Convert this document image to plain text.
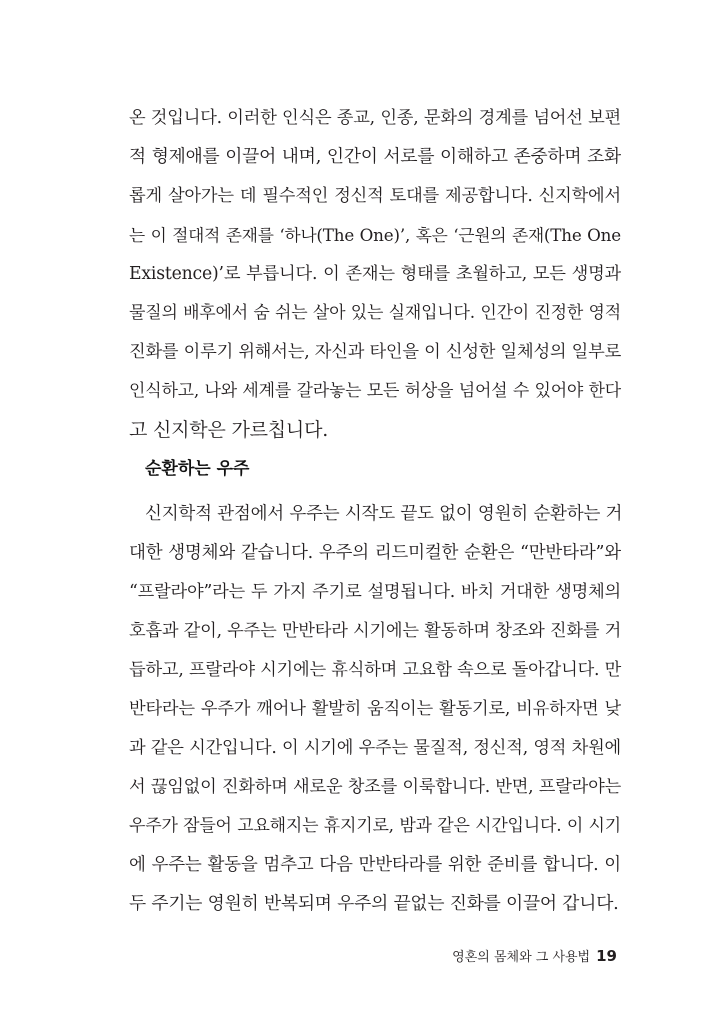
온 것입니다. 이러한 인식은 종교, 인종, 문화의 경계를 넘어선 보편
적 형제애를 이끌어 내며, 인간이 서로를 이해하고 존중하며 조화
롭게 살아가는 데 필수적인 정신적 토대를 제공합니다. 신지학에서
는 이 절대적 존재를 ‘하나(The One)’, 혹은 ‘근원의 존재(The One
Existence)’로 부릅니다. 이 존재는 형태를 초월하고, 모든 생명과
물질의 배후에서 숨 쉬는 살아 있는 실재입니다. 인간이 진정한 영적
진화를 이루기 위해서는, 자신과 타인을 이 신성한 일체성의 일부로
인식하고, 나와 세계를 갈라놓는 모든 허상을 넘어설 수 있어야 한다
고 신지학은 가르칩니다.
순환하는 우주
신지학적 관점에서 우주는 시작도 끝도 없이 영원히 순환하는 거
대한 생명체와 같습니다. 우주의 리드미컬한 순환은 “만반타라”와
“프랄라야”라는 두 가지 주기로 설명됩니다. 바치 거대한 생명체의
호흡과 같이, 우주는 만반타라 시기에는 활동하며 창조와 진화를 거
듭하고, 프랄라야 시기에는 휴식하며 고요함 속으로 돌아갑니다. 만
반타라는 우주가 깨어나 활발히 움직이는 활동기로, 비유하자면 낮
과 같은 시간입니다. 이 시기에 우주는 물질적, 정신적, 영적 차원에
서 끊임없이 진화하며 새로운 창조를 이룩합니다. 반면, 프랄라야는
우주가 잠들어 고요해지는 휴지기로, 밤과 같은 시간입니다. 이 시기
에 우주는 활동을 멈추고 다음 만반타라를 위한 준비를 합니다. 이
두 주기는 영원히 반복되며 우주의 끝없는 진화를 이끌어 갑니다.
영혼의 몸체와 그 사용법 19
